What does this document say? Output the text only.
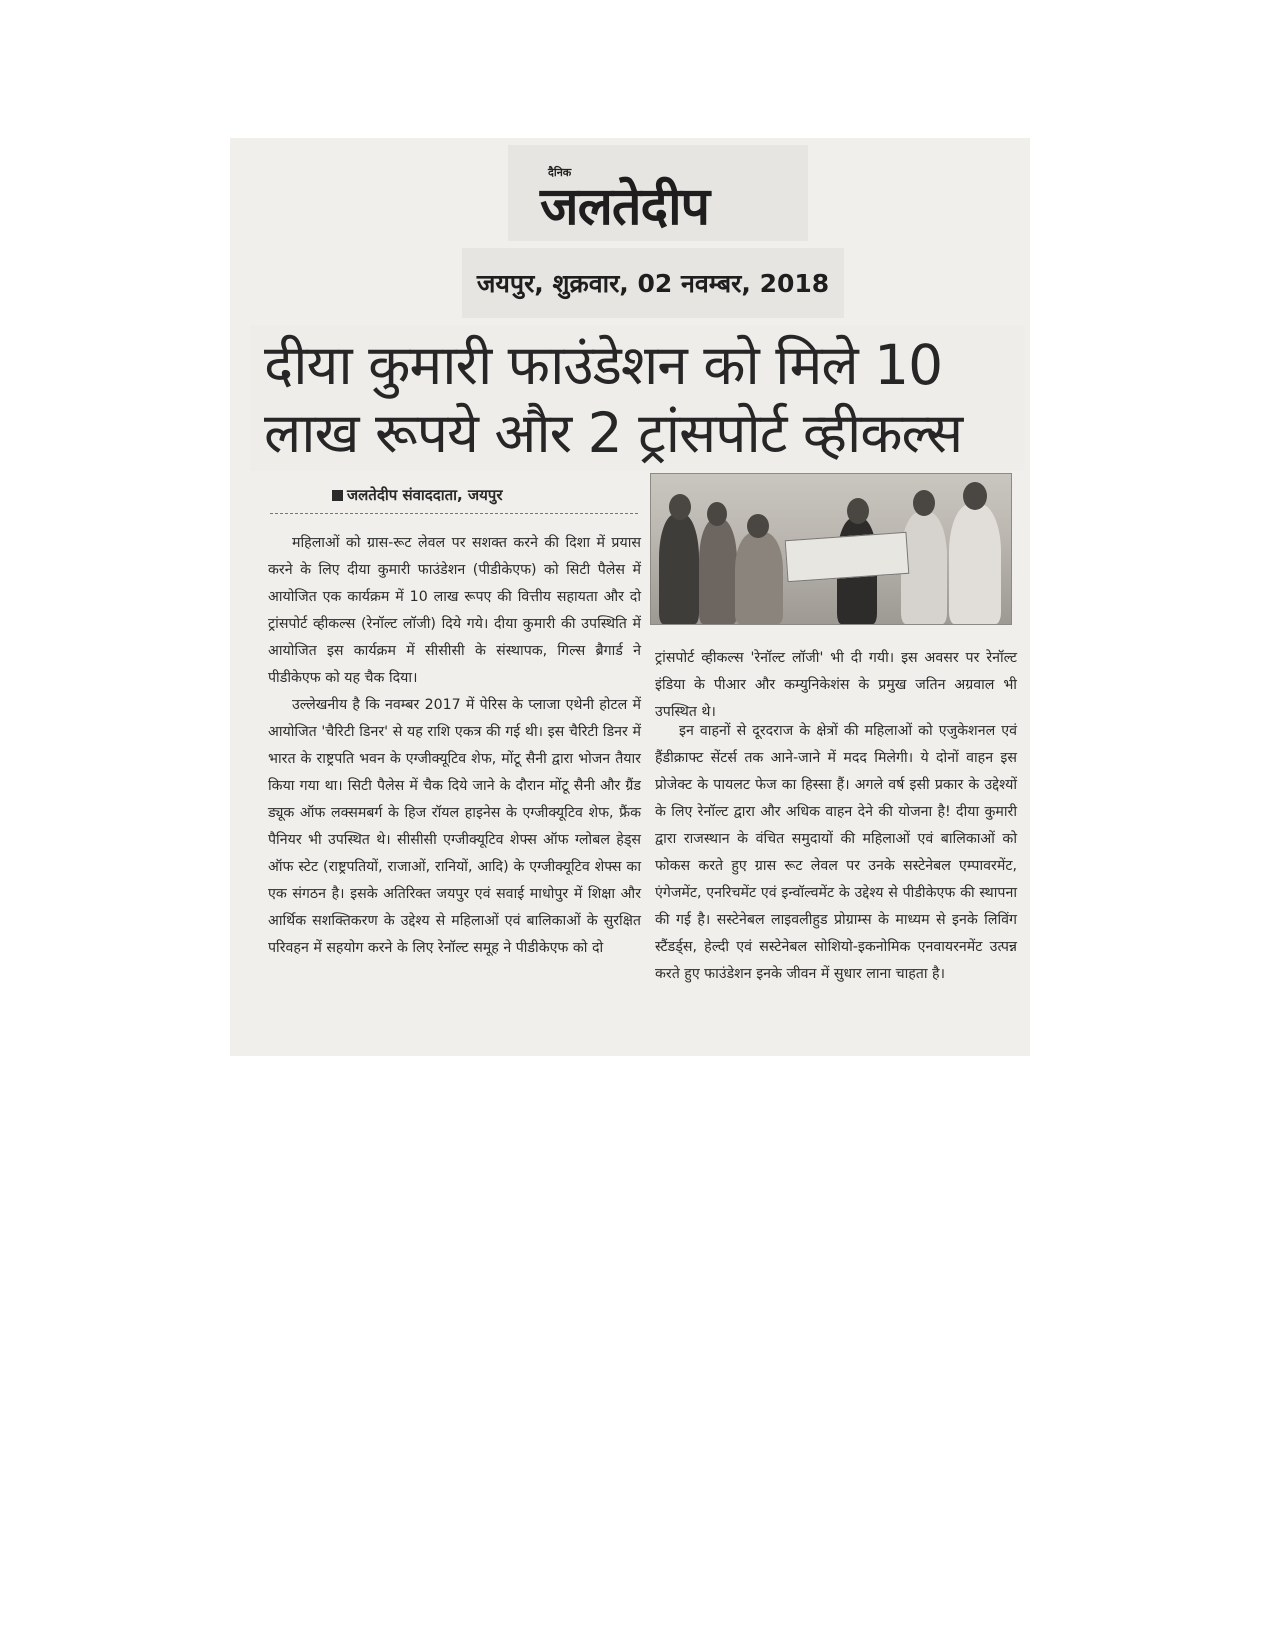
दैनिक
जलतेदीप
जयपुर, शुक्रवार, 02 नवम्बर, 2018
दीया कुमारी फाउंडेशन को मिले 10
लाख रूपये और 2 ट्रांसपोर्ट व्हीकल्स
जलतेदीप संवाददाता, जयपुर

महिलाओं को ग्रास-रूट लेवल पर सशक्त करने की दिशा में प्रयास करने के लिए दीया कुमारी फाउंडेशन (पीडीकेएफ) को सिटी पैलेस में आयोजित एक कार्यक्रम में 10 लाख रूपए की वित्तीय सहायता और दो ट्रांसपोर्ट व्हीकल्स (रेनॉल्ट लॉजी) दिये गये। दीया कुमारी की उपस्थिति में आयोजित इस कार्यक्रम में सीसीसी के संस्थापक, गिल्स ब्रैगार्ड ने पीडीकेएफ को यह चैक दिया।

उल्लेखनीय है कि नवम्बर 2017 में पेरिस के प्लाजा एथेनी होटल में आयोजित 'चैरिटी डिनर' से यह राशि एकत्र की गई थी। इस चैरिटी डिनर में भारत के राष्ट्रपति भवन के एग्जीक्यूटिव शेफ, मोंटू सैनी द्वारा भोजन तैयार किया गया था। सिटी पैलेस में चैक दिये जाने के दौरान मोंटू सैनी और ग्रैंड ड्यूक ऑफ लक्समबर्ग के हिज रॉयल हाइनेस के एग्जीक्यूटिव शेफ, फ्रैंक पैनियर भी उपस्थित थे। सीसीसी एग्जीक्यूटिव शेफ्स ऑफ ग्लोबल हेड्स ऑफ स्टेट (राष्ट्रपतियों, राजाओं, रानियों, आदि) के एग्जीक्यूटिव शेफ्स का एक संगठन है। इसके अतिरिक्त जयपुर एवं सवाई माधोपुर में शिक्षा और आर्थिक सशक्तिकरण के उद्देश्य से महिलाओं एवं बालिकाओं के सुरक्षित परिवहन में सहयोग करने के लिए रेनॉल्ट समूह ने पीडीकेएफ को दो

ट्रांसपोर्ट व्हीकल्स 'रेनॉल्ट लॉजी' भी दी गयी। इस अवसर पर रेनॉल्ट इंडिया के पीआर और कम्युनिकेशंस के प्रमुख जतिन अग्रवाल भी उपस्थित थे।

इन वाहनों से दूरदराज के क्षेत्रों की महिलाओं को एजुकेशनल एवं हैंडीक्राफ्ट सेंटर्स तक आने-जाने में मदद मिलेगी। ये दोनों वाहन इस प्रोजेक्ट के पायलट फेज का हिस्सा हैं। अगले वर्ष इसी प्रकार के उद्देश्यों के लिए रेनॉल्ट द्वारा और अधिक वाहन देने की योजना है! दीया कुमारी द्वारा राजस्थान के वंचित समुदायों की महिलाओं एवं बालिकाओं को फोकस करते हुए ग्रास रूट लेवल पर उनके सस्टेनेबल एम्पावरमेंट, एंगेजमेंट, एनरिचमेंट एवं इन्वॉल्वमेंट के उद्देश्य से पीडीकेएफ की स्थापना की गई है। सस्टेनेबल लाइवलीहुड प्रोग्राम्स के माध्यम से इनके लिविंग स्टैंडर्ड्स, हेल्दी एवं सस्टेनेबल सोशियो-इकनोमिक एनवायरनमेंट उत्पन्न करते हुए फाउंडेशन इनके जीवन में सुधार लाना चाहता है।
